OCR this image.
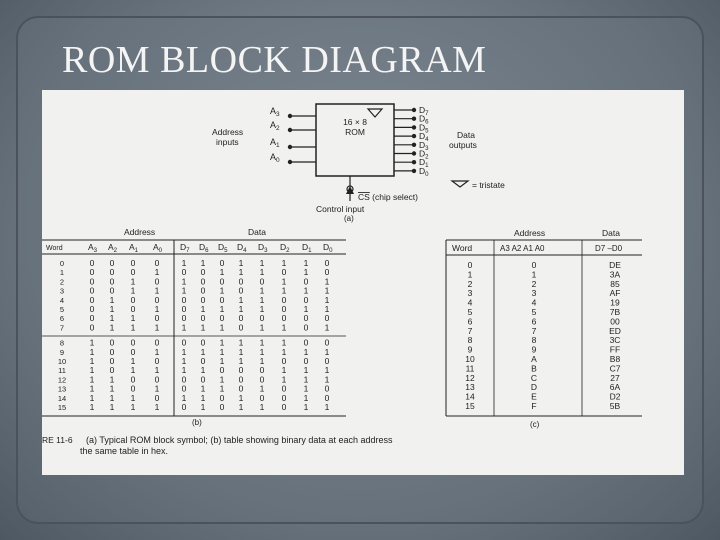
ROM BLOCK DIAGRAM
16 × 8
ROM
Address
inputs
Data
outputs
$A_3$
$A_2$
$A_1$
$A_0$
$D_7$
$D_6$
$D_5$
$D_4$
$D_3$
$D_2$
$D_1$
$D_0$
CS (chip select)
Control input
(a)
= tristate
Address	Data
Word	$A_3$ $A_2$ $A_1$ $A_0$ $D_7$ $D_6$ $D_5$ $D_4$ $D_3$ $D_2$ $D_1$ $D_0$
0	0 0 0 0	1 1 0 1 1 1 1 0
1	0 0 0 1	0 0 1 1 1 0 1 0
2	0 0 1 0	1 0 0 0 0 1 0 1
3	0 0 1 1	1 0 1 0 1 1 1 1
4	0 1 0 0	0 0 0 1 1 0 0 1
5	0 1 0 1	0 1 1 1 1 0 1 1
6	0 1 1 0	0 0 0 0 0 0 0 0
7	0 1 1 1	1 1 1 0 1 1 0 1
8	1 0 0 0	0 0 1 1 1 1 0 0
9	1 0 0 1	1 1 1 1 1 1 1 1
10	1 0 1 0	1 0 1 1 1 0 0 0
11	1 0 1 1	1 1 0 0 0 1 1 1
12	1 1 0 0	0 0 1 0 0 1 1 1
13	1 1 0 1	0 1 1 0 1 0 1 0
14	1 1 1 0	1 1 0 1 0 0 1 0
15	1 1 1 1	0 1 0 1 1 0 1 1
(b)
Address	Data
Word	A3 A2 A1 A0	D7 –D0
0	0	DE
1	1	3A
2	2	85
3	3	AF
4	4	19
5	5	7B
6	6	00
7	7	ED
8	8	3C
9	9	FF
10	A	B8
11	B	C7
12	C	27
13	D	6A
14	E	D2
15	F	5B
(c)
RE 11-6 (a) Typical ROM block symbol; (b) table showing binary data at each address
the same table in hex.
